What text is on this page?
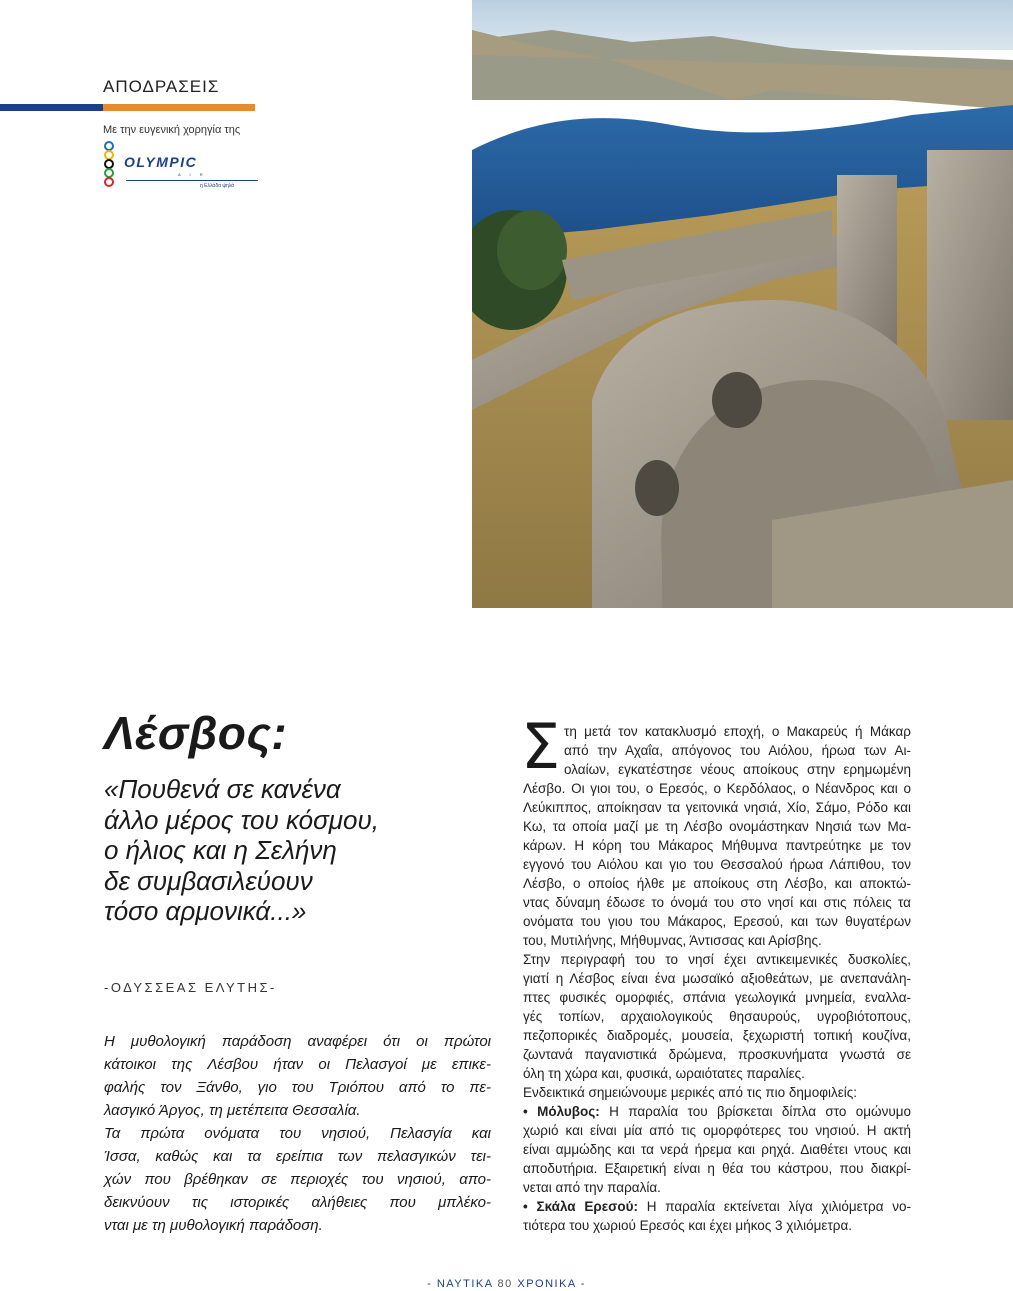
ΑΠΟΔΡΑΣΕΙΣ
Με την ευγενική χορηγία της
OLYMPIC
A I R
η Ελλάδα ψηλά
Λέσβος:
«Πουθενά σε κανένα
άλλο μέρος του κόσμου,
ο ήλιος και η Σελήνη
δε συμβασιλεύουν
τόσο αρμονικά...»
-ΟΔΥΣΣΕΑΣ ΕΛΥΤΗΣ-
Η μυθολογική παράδοση αναφέρει ότι οι πρώτοι
κάτοικοι της Λέσβου ήταν οι Πελασγοί με επικε-
φαλής τον Ξάνθο, γιο του Τριόπου από το πε-
λασγικό Άργος, τη μετέπειτα Θεσσαλία.
Τα πρώτα ονόματα του νησιού, Πελασγία και
Ίσσα, καθώς και τα ερείπια των πελασγικών τει-
χών που βρέθηκαν σε περιοχές του νησιού, απο-
δεικνύουν τις ιστορικές αλήθειες που μπλέκο-
νται με τη μυθολογική παράδοση.
Σ τη μετά τον κατακλυσμό εποχή, ο Μακαρεύς ή Μάκαρ
από την Αχαΐα, απόγονος του Αιόλου, ήρωα των Αι-
ολαίων, εγκατέστησε νέους αποίκους στην ερημωμένη
Λέσβο. Οι γιοι του, ο Ερεσός, ο Κερδόλαος, ο Νέανδρος και ο
Λεύκιππος, αποίκησαν τα γειτονικά νησιά, Χίο, Σάμο, Ρόδο και
Κω, τα οποία μαζί με τη Λέσβο ονομάστηκαν Νησιά των Μα-
κάρων. Η κόρη του Μάκαρος Μήθυμνα παντρεύτηκε με τον
εγγονό του Αιόλου και γιο του Θεσσαλού ήρωα Λάπιθου, τον
Λέσβο, ο οποίος ήλθε με αποίκους στη Λέσβο, και αποκτώ-
ντας δύναμη έδωσε το όνομά του στο νησί και στις πόλεις τα
ονόματα του γιου του Μάκαρος, Ερεσού, και των θυγατέρων
του, Μυτιλήνης, Μήθυμνας, Άντισσας και Αρίσβης.
Στην περιγραφή του το νησί έχει αντικειμενικές δυσκολίες,
γιατί η Λέσβος είναι ένα μωσαϊκό αξιοθεάτων, με ανεπανάλη-
πτες φυσικές ομορφιές, σπάνια γεωλογικά μνημεία, εναλλα-
γές τοπίων, αρχαιολογικούς θησαυρούς, υγροβιότοπους,
πεζοπορικές διαδρομές, μουσεία, ξεχωριστή τοπική κουζίνα,
ζωντανά παγανιστικά δρώμενα, προσκυνήματα γνωστά σε
όλη τη χώρα και, φυσικά, ωραιότατες παραλίες.
Ενδεικτικά σημειώνουμε μερικές από τις πιο δημοφιλείς:
• Μόλυβος: Η παραλία του βρίσκεται δίπλα στο ομώνυμο
χωριό και είναι μία από τις ομορφότερες του νησιού. Η ακτή
είναι αμμώδης και τα νερά ήρεμα και ρηχά. Διαθέτει ντους και
αποδυτήρια. Εξαιρετική είναι η θέα του κάστρου, που διακρί-
νεται από την παραλία.
• Σκάλα Ερεσού: Η παραλία εκτείνεται λίγα χιλιόμετρα νο-
τιότερα του χωριού Ερεσός και έχει μήκος 3 χιλιόμετρα.
- ΝΑΥΤΙΚΑ 80 ΧΡΟΝΙΚΑ -
